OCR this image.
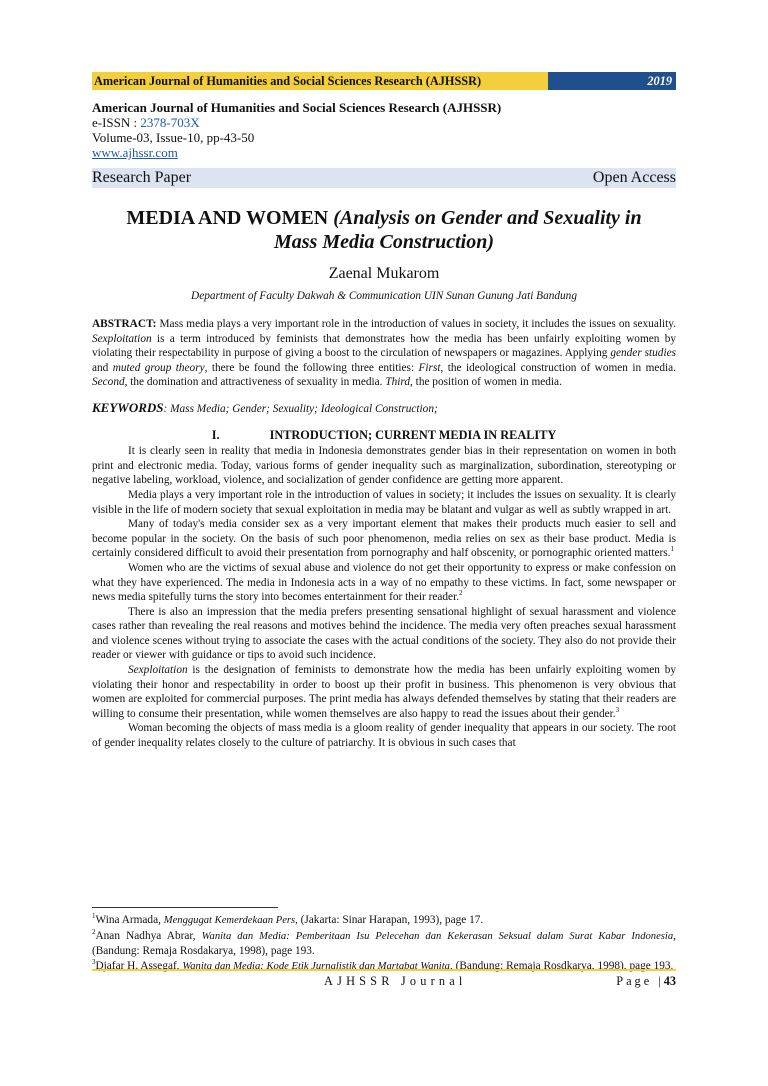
American Journal of Humanities and Social Sciences Research (AJHSSR)	2019
American Journal of Humanities and Social Sciences Research (AJHSSR)
e-ISSN : 2378-703X
Volume-03, Issue-10, pp-43-50
www.ajhssr.com
Research Paper	Open Access
MEDIA AND WOMEN (Analysis on Gender and Sexuality in
Mass Media Construction)
Zaenal Mukarom
Department of Faculty Dakwah & Communication UIN Sunan Gunung Jati Bandung

ABSTRACT: Mass media plays a very important role in the introduction of values in society, it includes the issues on sexuality. Sexploitation is a term introduced by feminists that demonstrates how the media has been unfairly exploiting women by violating their respectability in purpose of giving a boost to the circulation of newspapers or magazines. Applying gender studies and muted group theory, there be found the following three entities: First, the ideological construction of women in media. Second, the domination and attractiveness of sexuality in media. Third, the position of women in media.

KEYWORDS: Mass Media; Gender; Sexuality; Ideological Construction;

I.	INTRODUCTION; CURRENT MEDIA IN REALITY

It is clearly seen in reality that media in Indonesia demonstrates gender bias in their representation on women in both print and electronic media. Today, various forms of gender inequality such as marginalization, subordination, stereotyping or negative labeling, workload, violence, and socialization of gender confidence are getting more apparent.

Media plays a very important role in the introduction of values in society; it includes the issues on sexuality. It is clearly visible in the life of modern society that sexual exploitation in media may be blatant and vulgar as well as subtly wrapped in art.

Many of today's media consider sex as a very important element that makes their products much easier to sell and become popular in the society. On the basis of such poor phenomenon, media relies on sex as their base product. Media is certainly considered difficult to avoid their presentation from pornography and half obscenity, or pornographic oriented matters.$^1$

Women who are the victims of sexual abuse and violence do not get their opportunity to express or make confession on what they have experienced. The media in Indonesia acts in a way of no empathy to these victims. In fact, some newspaper or news media spitefully turns the story into becomes entertainment for their reader.$^2$

There is also an impression that the media prefers presenting sensational highlight of sexual harassment and violence cases rather than revealing the real reasons and motives behind the incidence. The media very often preaches sexual harassment and violence scenes without trying to associate the cases with the actual conditions of the society. They also do not provide their reader or viewer with guidance or tips to avoid such incidence.

Sexploitation is the designation of feminists to demonstrate how the media has been unfairly exploiting women by violating their honor and respectability in order to boost up their profit in business. This phenomenon is very obvious that women are exploited for commercial purposes. The print media has always defended themselves by stating that their readers are willing to consume their presentation, while women themselves are also happy to read the issues about their gender.$^3$

Woman becoming the objects of mass media is a gloom reality of gender inequality that appears in our society. The root of gender inequality relates closely to the culture of patriarchy. It is obvious in such cases that

$^1$Wina Armada, Menggugat Kemerdekaan Pers, (Jakarta: Sinar Harapan, 1993), page 17.

$^2$Anan Nadhya Abrar, Wanita dan Media: Pemberitaan Isu Pelecehan dan Kekerasan Seksual dalam Surat Kabar Indonesia, (Bandung: Remaja Rosdakarya, 1998), page 193.

$^3$Djafar H. Assegaf, Wanita dan Media: Kode Etik Jurnalistik dan Martabat Wanita, (Bandung: Remaja Rosdkarya, 1998), page 193.

AJHSSR Journal	Page |43
